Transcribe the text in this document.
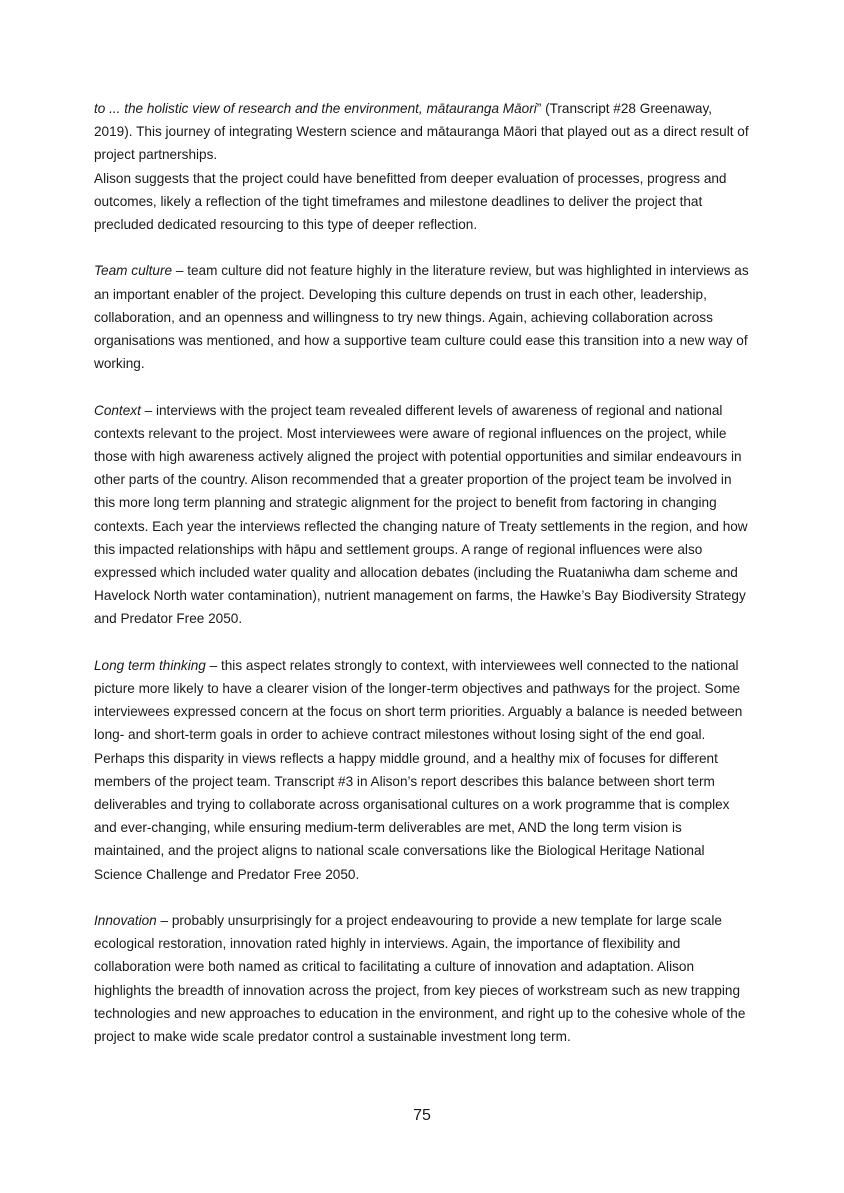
to ... the holistic view of research and the environment, mātauranga Māori” (Transcript #28 Greenaway, 2019). This journey of integrating Western science and mātauranga Māori that played out as a direct result of project partnerships.

Alison suggests that the project could have benefitted from deeper evaluation of processes, progress and outcomes, likely a reflection of the tight timeframes and milestone deadlines to deliver the project that precluded dedicated resourcing to this type of deeper reflection.

Team culture – team culture did not feature highly in the literature review, but was highlighted in interviews as an important enabler of the project. Developing this culture depends on trust in each other, leadership, collaboration, and an openness and willingness to try new things. Again, achieving collaboration across organisations was mentioned, and how a supportive team culture could ease this transition into a new way of working.

Context – interviews with the project team revealed different levels of awareness of regional and national contexts relevant to the project. Most interviewees were aware of regional influences on the project, while those with high awareness actively aligned the project with potential opportunities and similar endeavours in other parts of the country. Alison recommended that a greater proportion of the project team be involved in this more long term planning and strategic alignment for the project to benefit from factoring in changing contexts. Each year the interviews reflected the changing nature of Treaty settlements in the region, and how this impacted relationships with hāpu and settlement groups. A range of regional influences were also expressed which included water quality and allocation debates (including the Ruataniwha dam scheme and Havelock North water contamination), nutrient management on farms, the Hawke’s Bay Biodiversity Strategy and Predator Free 2050.

Long term thinking – this aspect relates strongly to context, with interviewees well connected to the national picture more likely to have a clearer vision of the longer-term objectives and pathways for the project. Some interviewees expressed concern at the focus on short term priorities. Arguably a balance is needed between long- and short-term goals in order to achieve contract milestones without losing sight of the end goal. Perhaps this disparity in views reflects a happy middle ground, and a healthy mix of focuses for different members of the project team. Transcript #3 in Alison’s report describes this balance between short term deliverables and trying to collaborate across organisational cultures on a work programme that is complex and ever-changing, while ensuring medium-term deliverables are met, AND the long term vision is maintained, and the project aligns to national scale conversations like the Biological Heritage National Science Challenge and Predator Free 2050.

Innovation – probably unsurprisingly for a project endeavouring to provide a new template for large scale ecological restoration, innovation rated highly in interviews. Again, the importance of flexibility and collaboration were both named as critical to facilitating a culture of innovation and adaptation. Alison highlights the breadth of innovation across the project, from key pieces of workstream such as new trapping technologies and new approaches to education in the environment, and right up to the cohesive whole of the project to make wide scale predator control a sustainable investment long term.

75
